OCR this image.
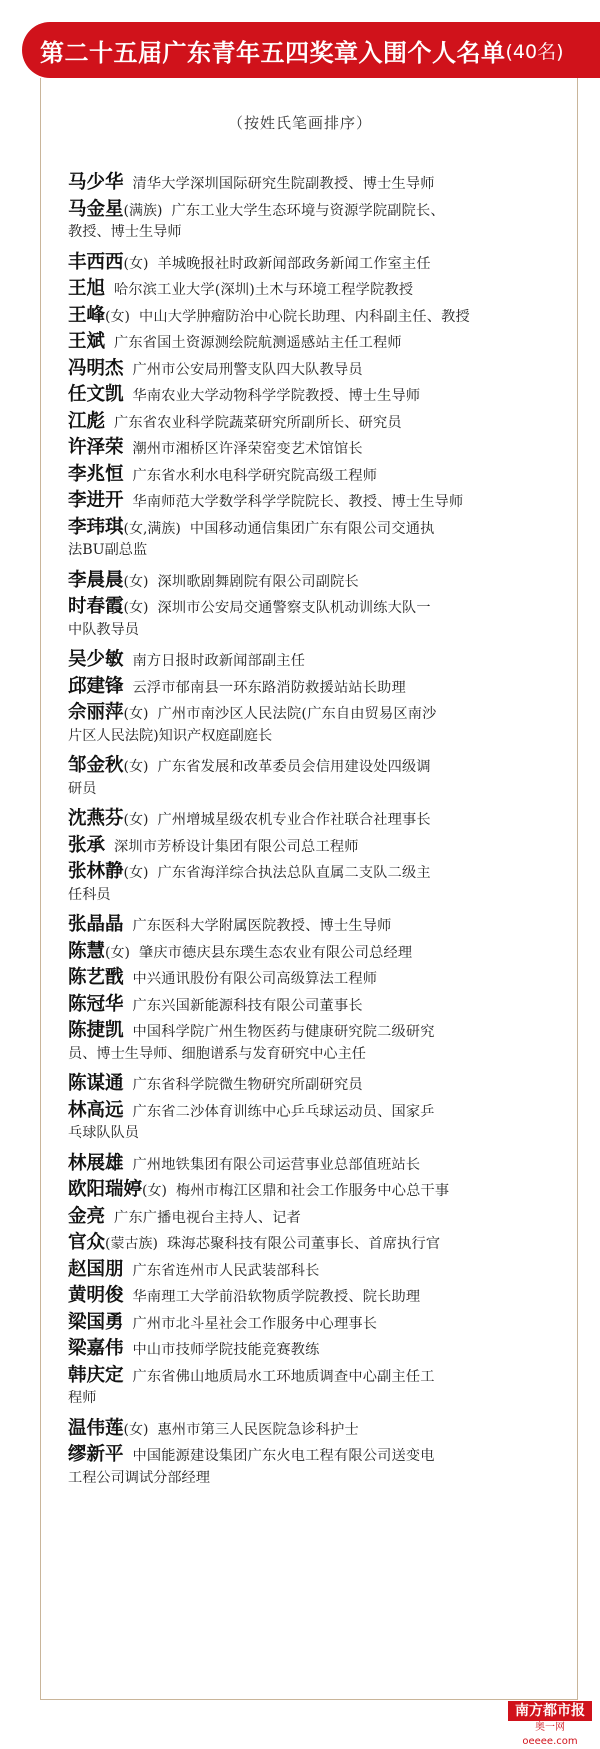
第二十五届广东青年五四奖章入围个人名单 (40名)
（按姓氏笔画排序）
马少华 清华大学深圳国际研究生院副教授、博士生导师
马金星 (满族) 广东工业大学生态环境与资源学院副院长、
教授、博士生导师
丰西西 (女) 羊城晚报社时政新闻部政务新闻工作室主任
王旭 哈尔滨工业大学(深圳)土木与环境工程学院教授
王峰 (女) 中山大学肿瘤防治中心院长助理、内科副主任、教授
王斌 广东省国土资源测绘院航测遥感站主任工程师
冯明杰 广州市公安局刑警支队四大队教导员
任文凯 华南农业大学动物科学学院教授、博士生导师
江彪 广东省农业科学院蔬菜研究所副所长、研究员
许泽荣 潮州市湘桥区许泽荣窑变艺术馆馆长
李兆恒 广东省水利水电科学研究院高级工程师
李进开 华南师范大学数学科学学院院长、教授、博士生导师
李玮琪 (女,满族) 中国移动通信集团广东有限公司交通执
法BU副总监
李晨晨 (女) 深圳歌剧舞剧院有限公司副院长
时春霞 (女) 深圳市公安局交通警察支队机动训练大队一
中队教导员
吴少敏 南方日报时政新闻部副主任
邱建锋 云浮市郁南县一环东路消防救援站站长助理
佘丽萍 (女) 广州市南沙区人民法院(广东自由贸易区南沙
片区人民法院)知识产权庭副庭长
邹金秋 (女) 广东省发展和改革委员会信用建设处四级调
研员
沈燕芬 (女) 广州增城星级农机专业合作社联合社理事长
张承 深圳市芳桥设计集团有限公司总工程师
张林静 (女) 广东省海洋综合执法总队直属二支队二级主
任科员
张晶晶 广东医科大学附属医院教授、博士生导师
陈慧 (女) 肇庆市德庆县东璞生态农业有限公司总经理
陈艺戬 中兴通讯股份有限公司高级算法工程师
陈冠华 广东兴国新能源科技有限公司董事长
陈捷凯 中国科学院广州生物医药与健康研究院二级研究
员、博士生导师、细胞谱系与发育研究中心主任
陈谋通 广东省科学院微生物研究所副研究员
林高远 广东省二沙体育训练中心乒乓球运动员、国家乒
乓球队队员
林展雄 广州地铁集团有限公司运营事业总部值班站长
欧阳瑞婷 (女) 梅州市梅江区鼎和社会工作服务中心总干事
金亮 广东广播电视台主持人、记者
官众 (蒙古族) 珠海芯聚科技有限公司董事长、首席执行官
赵国朋 广东省连州市人民武装部科长
黄明俊 华南理工大学前沿软物质学院教授、院长助理
梁国勇 广州市北斗星社会工作服务中心理事长
梁嘉伟 中山市技师学院技能竞赛教练
韩庆定 广东省佛山地质局水工环地质调查中心副主任工
程师
温伟莲 (女) 惠州市第三人民医院急诊科护士
缪新平 中国能源建设集团广东火电工程有限公司送变电
工程公司调试分部经理
南方都市报
奥一网oeeee.com
